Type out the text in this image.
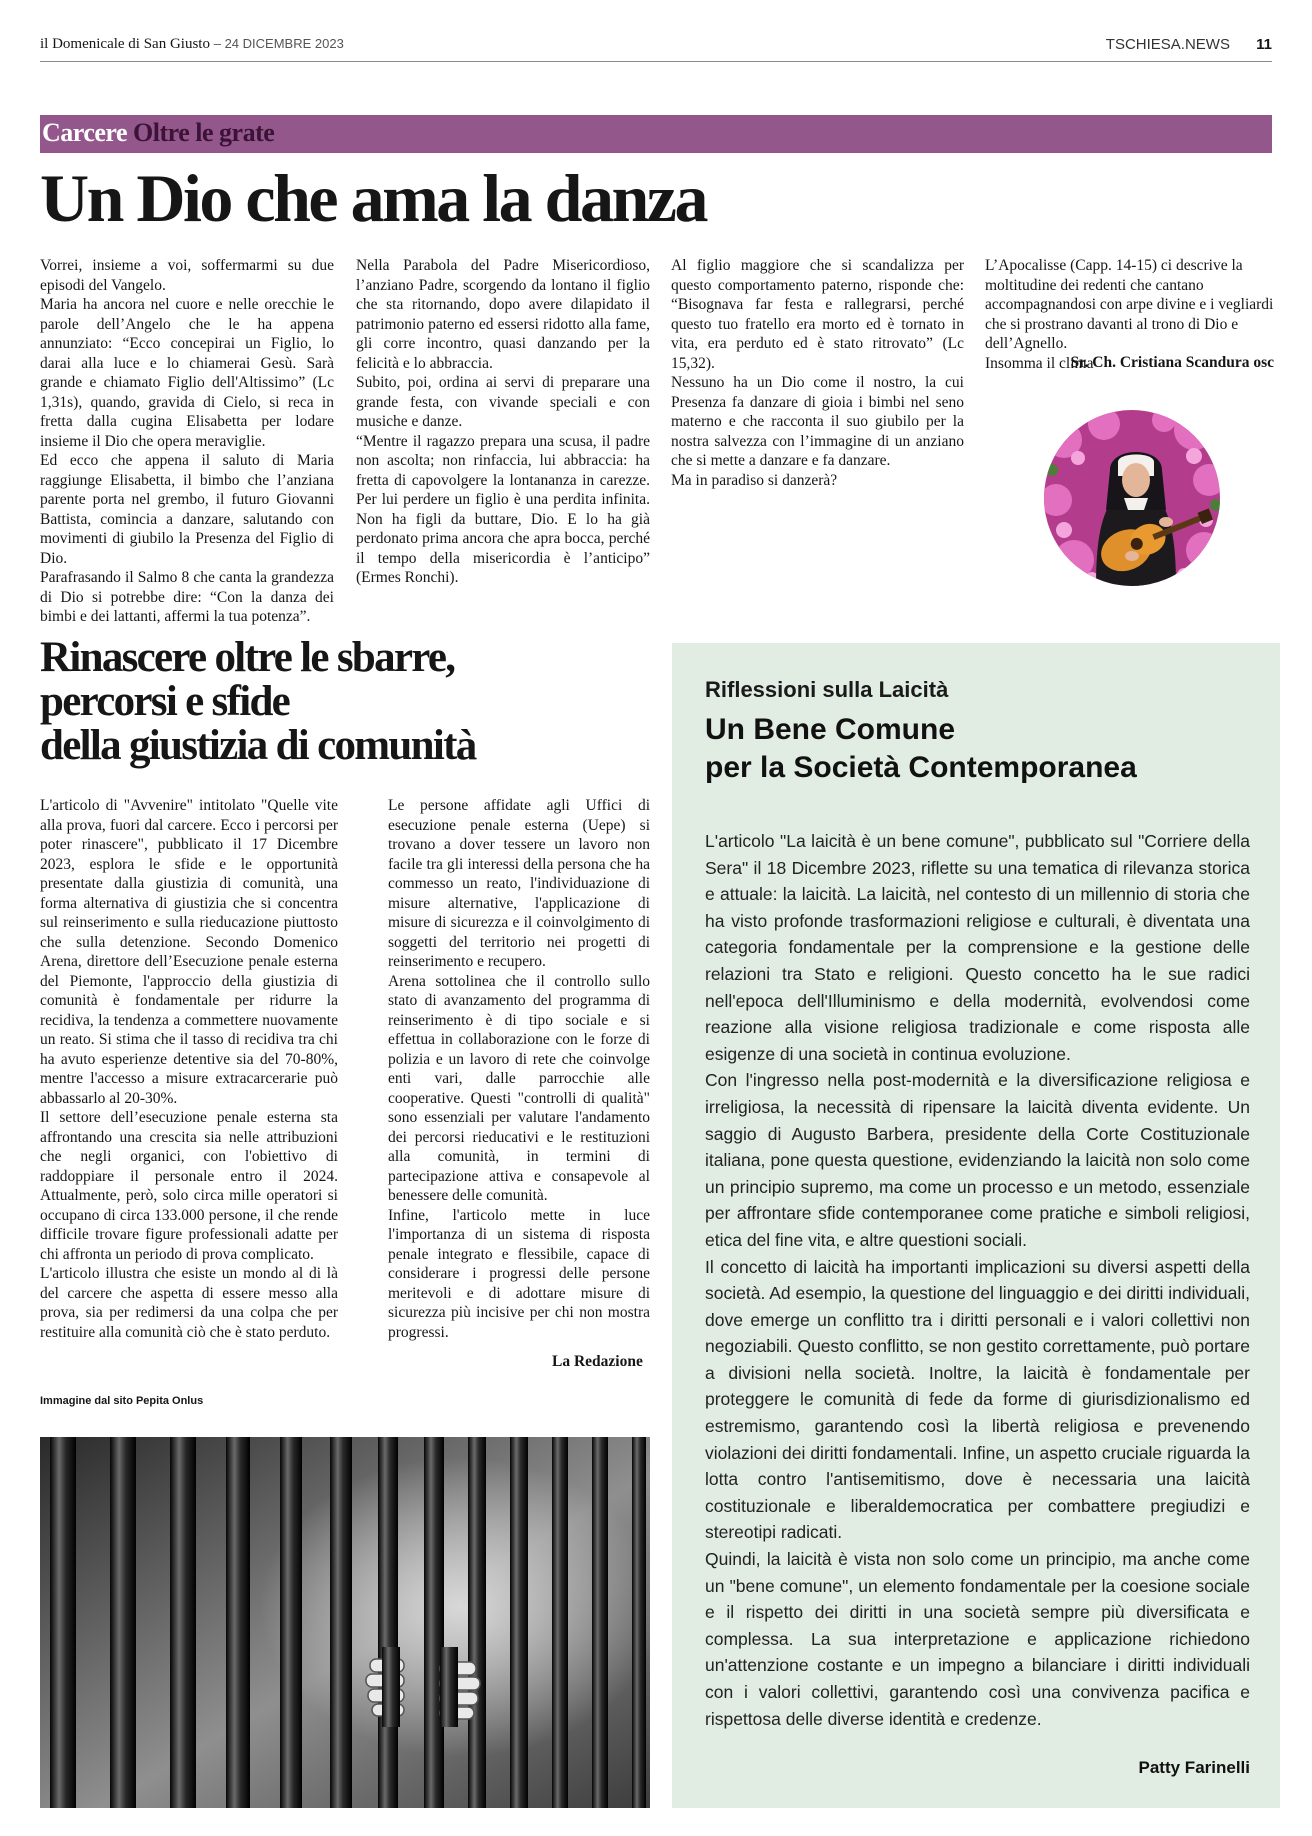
il Domenicale di San Giusto – 24 DICEMBRE 2023	TSCHIESA.NEWS 11
Carcere Oltre le grate
Un Dio che ama la danza

Vorrei, insieme a voi, soffermarmi su due episodi del Vangelo.

Maria ha ancora nel cuore e nelle orecchie le parole dell’Angelo che le ha appena annunziato: “Ecco concepirai un Figlio, lo darai alla luce e lo chiamerai Gesù. Sarà grande e chiamato Figlio dell'Altissimo” (Lc 1,31s), quando, gravida di Cielo, si reca in fretta dalla cugina Elisabetta per lodare insieme il Dio che opera meraviglie.

Ed ecco che appena il saluto di Maria raggiunge Elisabetta, il bimbo che l’anziana parente porta nel grembo, il futuro Giovanni Battista, comincia a danzare, salutando con movimenti di giubilo la Presenza del Figlio di Dio.

Parafrasando il Salmo 8 che canta la grandezza di Dio si potrebbe dire: “Con la danza dei bimbi e dei lattanti, affermi la tua potenza”.

Nella Parabola del Padre Misericordioso, l’anziano Padre, scorgendo da lontano il figlio che sta ritornando, dopo avere dilapidato il patrimonio paterno ed essersi ridotto alla fame, gli corre incontro, quasi danzando per la felicità e lo abbraccia.

Subito, poi, ordina ai servi di preparare una grande festa, con vivande speciali e con musiche e danze.

“Mentre il ragazzo prepara una scusa, il padre non ascolta; non rinfaccia, lui abbraccia: ha fretta di capovolgere la lontananza in carezze. Per lui perdere un figlio è una perdita infinita. Non ha figli da buttare, Dio. E lo ha già perdonato prima ancora che apra bocca, perché il tempo della misericordia è l’anticipo” (Ermes Ronchi).

Al figlio maggiore che si scandalizza per questo comportamento paterno, risponde che: “Bisognava far festa e rallegrarsi, perché questo tuo fratello era morto ed è tornato in vita, era perduto ed è stato ritrovato” (Lc 15,32).

Nessuno ha un Dio come il nostro, la cui Presenza fa danzare di gioia i bimbi nel seno materno e che racconta il suo giubilo per la nostra salvezza con l’immagine di un anziano che si mette a danzare e fa danzare.

Ma in paradiso si danzerà?

L’Apocalisse (Capp. 14-15) ci descrive la moltitudine dei redenti che cantano accompagnandosi con arpe divine e i vegliardi che si prostrano davanti al trono di Dio e dell’Agnello.

Insomma il clima

Sr. Ch. Cristiana Scandura osc
Rinascere oltre le sbarre,
percorsi e sfide
della giustizia di comunità

L'articolo di "Avvenire" intitolato "Quelle vite alla prova, fuori dal carcere. Ecco i percorsi per poter rinascere", pubblicato il 17 Dicembre 2023, esplora le sfide e le opportunità presentate dalla giustizia di comunità, una forma alternativa di giustizia che si concentra sul reinserimento e sulla rieducazione piuttosto che sulla detenzione. Secondo Domenico Arena, direttore dell’Esecuzione penale esterna del Piemonte, l'approccio della giustizia di comunità è fondamentale per ridurre la recidiva, la tendenza a commettere nuovamente un reato. Si stima che il tasso di recidiva tra chi ha avuto esperienze detentive sia del 70-80%, mentre l'accesso a misure extracarcerarie può abbassarlo al 20-30%.

Il settore dell’esecuzione penale esterna sta affrontando una crescita sia nelle attribuzioni che negli organici, con l'obiettivo di raddoppiare il personale entro il 2024. Attualmente, però, solo circa mille operatori si occupano di circa 133.000 persone, il che rende difficile trovare figure professionali adatte per chi affronta un periodo di prova complicato.

L'articolo illustra che esiste un mondo al di là del carcere che aspetta di essere messo alla prova, sia per redimersi da una colpa che per restituire alla comunità ciò che è stato perduto.

Le persone affidate agli Uffici di esecuzione penale esterna (Uepe) si trovano a dover tessere un lavoro non facile tra gli interessi della persona che ha commesso un reato, l'individuazione di misure alternative, l'applicazione di misure di sicurezza e il coinvolgimento di soggetti del territorio nei progetti di reinserimento e recupero.

Arena sottolinea che il controllo sullo stato di avanzamento del programma di reinserimento è di tipo sociale e si effettua in collaborazione con le forze di polizia e un lavoro di rete che coinvolge enti vari, dalle parrocchie alle cooperative. Questi "controlli di qualità" sono essenziali per valutare l'andamento dei percorsi rieducativi e le restituzioni alla comunità, in termini di partecipazione attiva e consapevole al benessere delle comunità.

Infine, l'articolo mette in luce l'importanza di un sistema di risposta penale integrato e flessibile, capace di considerare i progressi delle persone meritevoli e di adottare misure di sicurezza più incisive per chi non mostra progressi.

La Redazione
Immagine dal sito Pepita Onlus
Riflessioni sulla Laicità
Un Bene Comune
per la Società Contemporanea

L'articolo "La laicità è un bene comune", pubblicato sul "Corriere della Sera" il 18 Dicembre 2023, riflette su una tematica di rilevanza storica e attuale: la laicità. La laicità, nel contesto di un millennio di storia che ha visto profonde trasformazioni religiose e culturali, è diventata una categoria fondamentale per la comprensione e la gestione delle relazioni tra Stato e religioni. Questo concetto ha le sue radici nell'epoca dell'Illuminismo e della modernità, evolvendosi come reazione alla visione religiosa tradizionale e come risposta alle esigenze di una società in continua evoluzione.

Con l'ingresso nella post-modernità e la diversificazione religiosa e irreligiosa, la necessità di ripensare la laicità diventa evidente. Un saggio di Augusto Barbera, presidente della Corte Costituzionale italiana, pone questa questione, evidenziando la laicità non solo come un principio supremo, ma come un processo e un metodo, essenziale per affrontare sfide contemporanee come pratiche e simboli religiosi, etica del fine vita, e altre questioni sociali.

Il concetto di laicità ha importanti implicazioni su diversi aspetti della società. Ad esempio, la questione del linguaggio e dei diritti individuali, dove emerge un conflitto tra i diritti personali e i valori collettivi non negoziabili. Questo conflitto, se non gestito correttamente, può portare a divisioni nella società. Inoltre, la laicità è fondamentale per proteggere le comunità di fede da forme di giurisdizionalismo ed estremismo, garantendo così la libertà religiosa e prevenendo violazioni dei diritti fondamentali. Infine, un aspetto cruciale riguarda la lotta contro l'antisemitismo, dove è necessaria una laicità costituzionale e liberaldemocratica per combattere pregiudizi e stereotipi radicati.

Quindi, la laicità è vista non solo come un principio, ma anche come un "bene comune", un elemento fondamentale per la coesione sociale e il rispetto dei diritti in una società sempre più diversificata e complessa. La sua interpretazione e applicazione richiedono un'attenzione costante e un impegno a bilanciare i diritti individuali con i valori collettivi, garantendo così una convivenza pacifica e rispettosa delle diverse identità e credenze.

Patty Farinelli
